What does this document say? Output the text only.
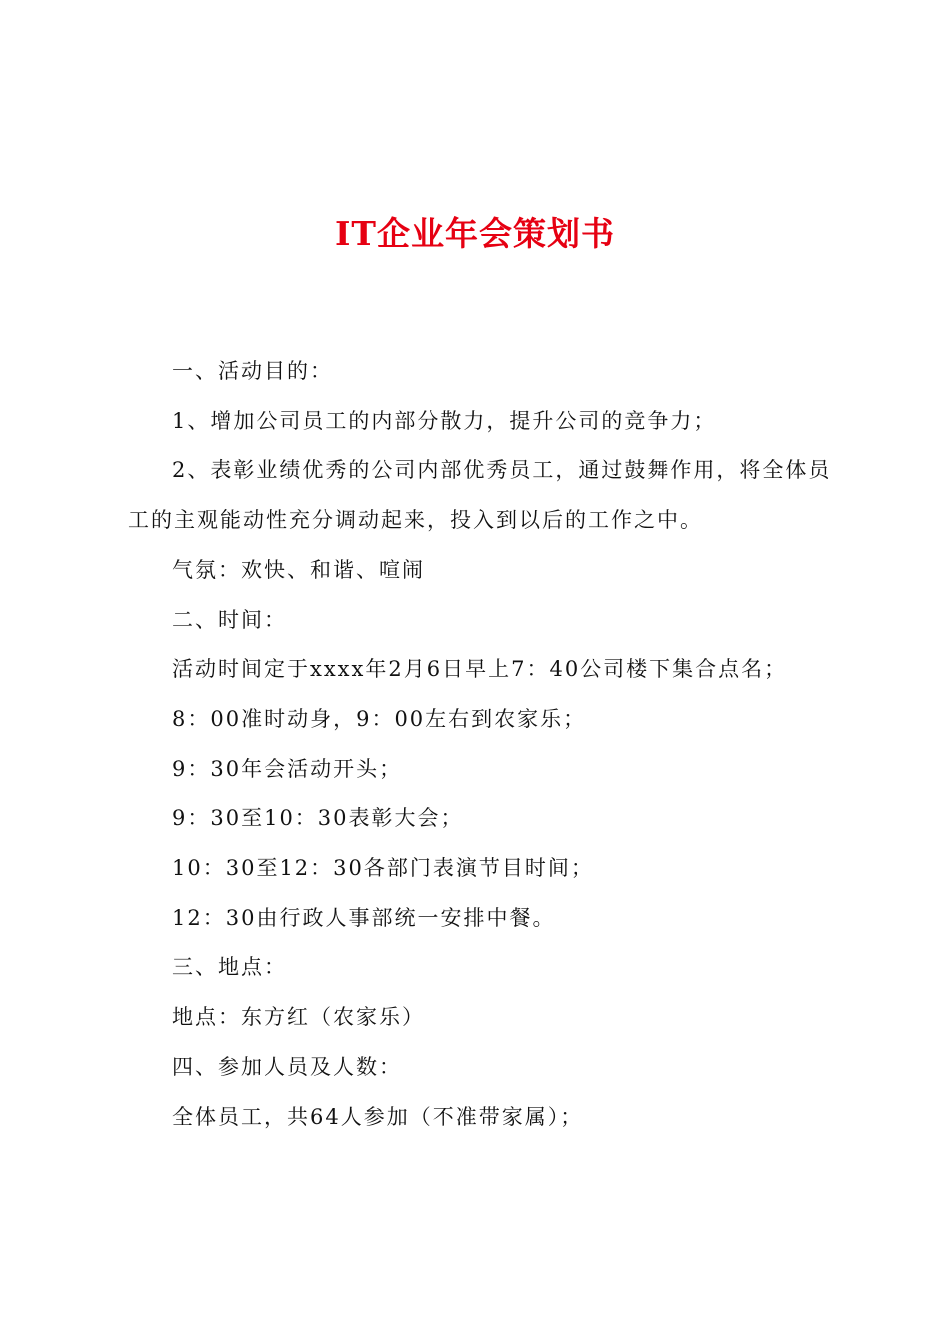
IT企业年会策划书

一、活动目的：

1、增加公司员工的内部分散力，提升公司的竞争力；

2、表彰业绩优秀的公司内部优秀员工，通过鼓舞作用，将全体员工的主观能动性充分调动起来，投入到以后的工作之中。

气氛：欢快、和谐、喧闹

二、时间：

活动时间定于xxxx年2月6日早上7：40公司楼下集合点名；

8：00准时动身，9：00左右到农家乐；

9：30年会活动开头；

9：30至10：30表彰大会；

10：30至12：30各部门表演节目时间；

12：30由行政人事部统一安排中餐。

三、地点：

地点：东方红（农家乐）

四、参加人员及人数：

全体员工，共64人参加（不准带家属）；
